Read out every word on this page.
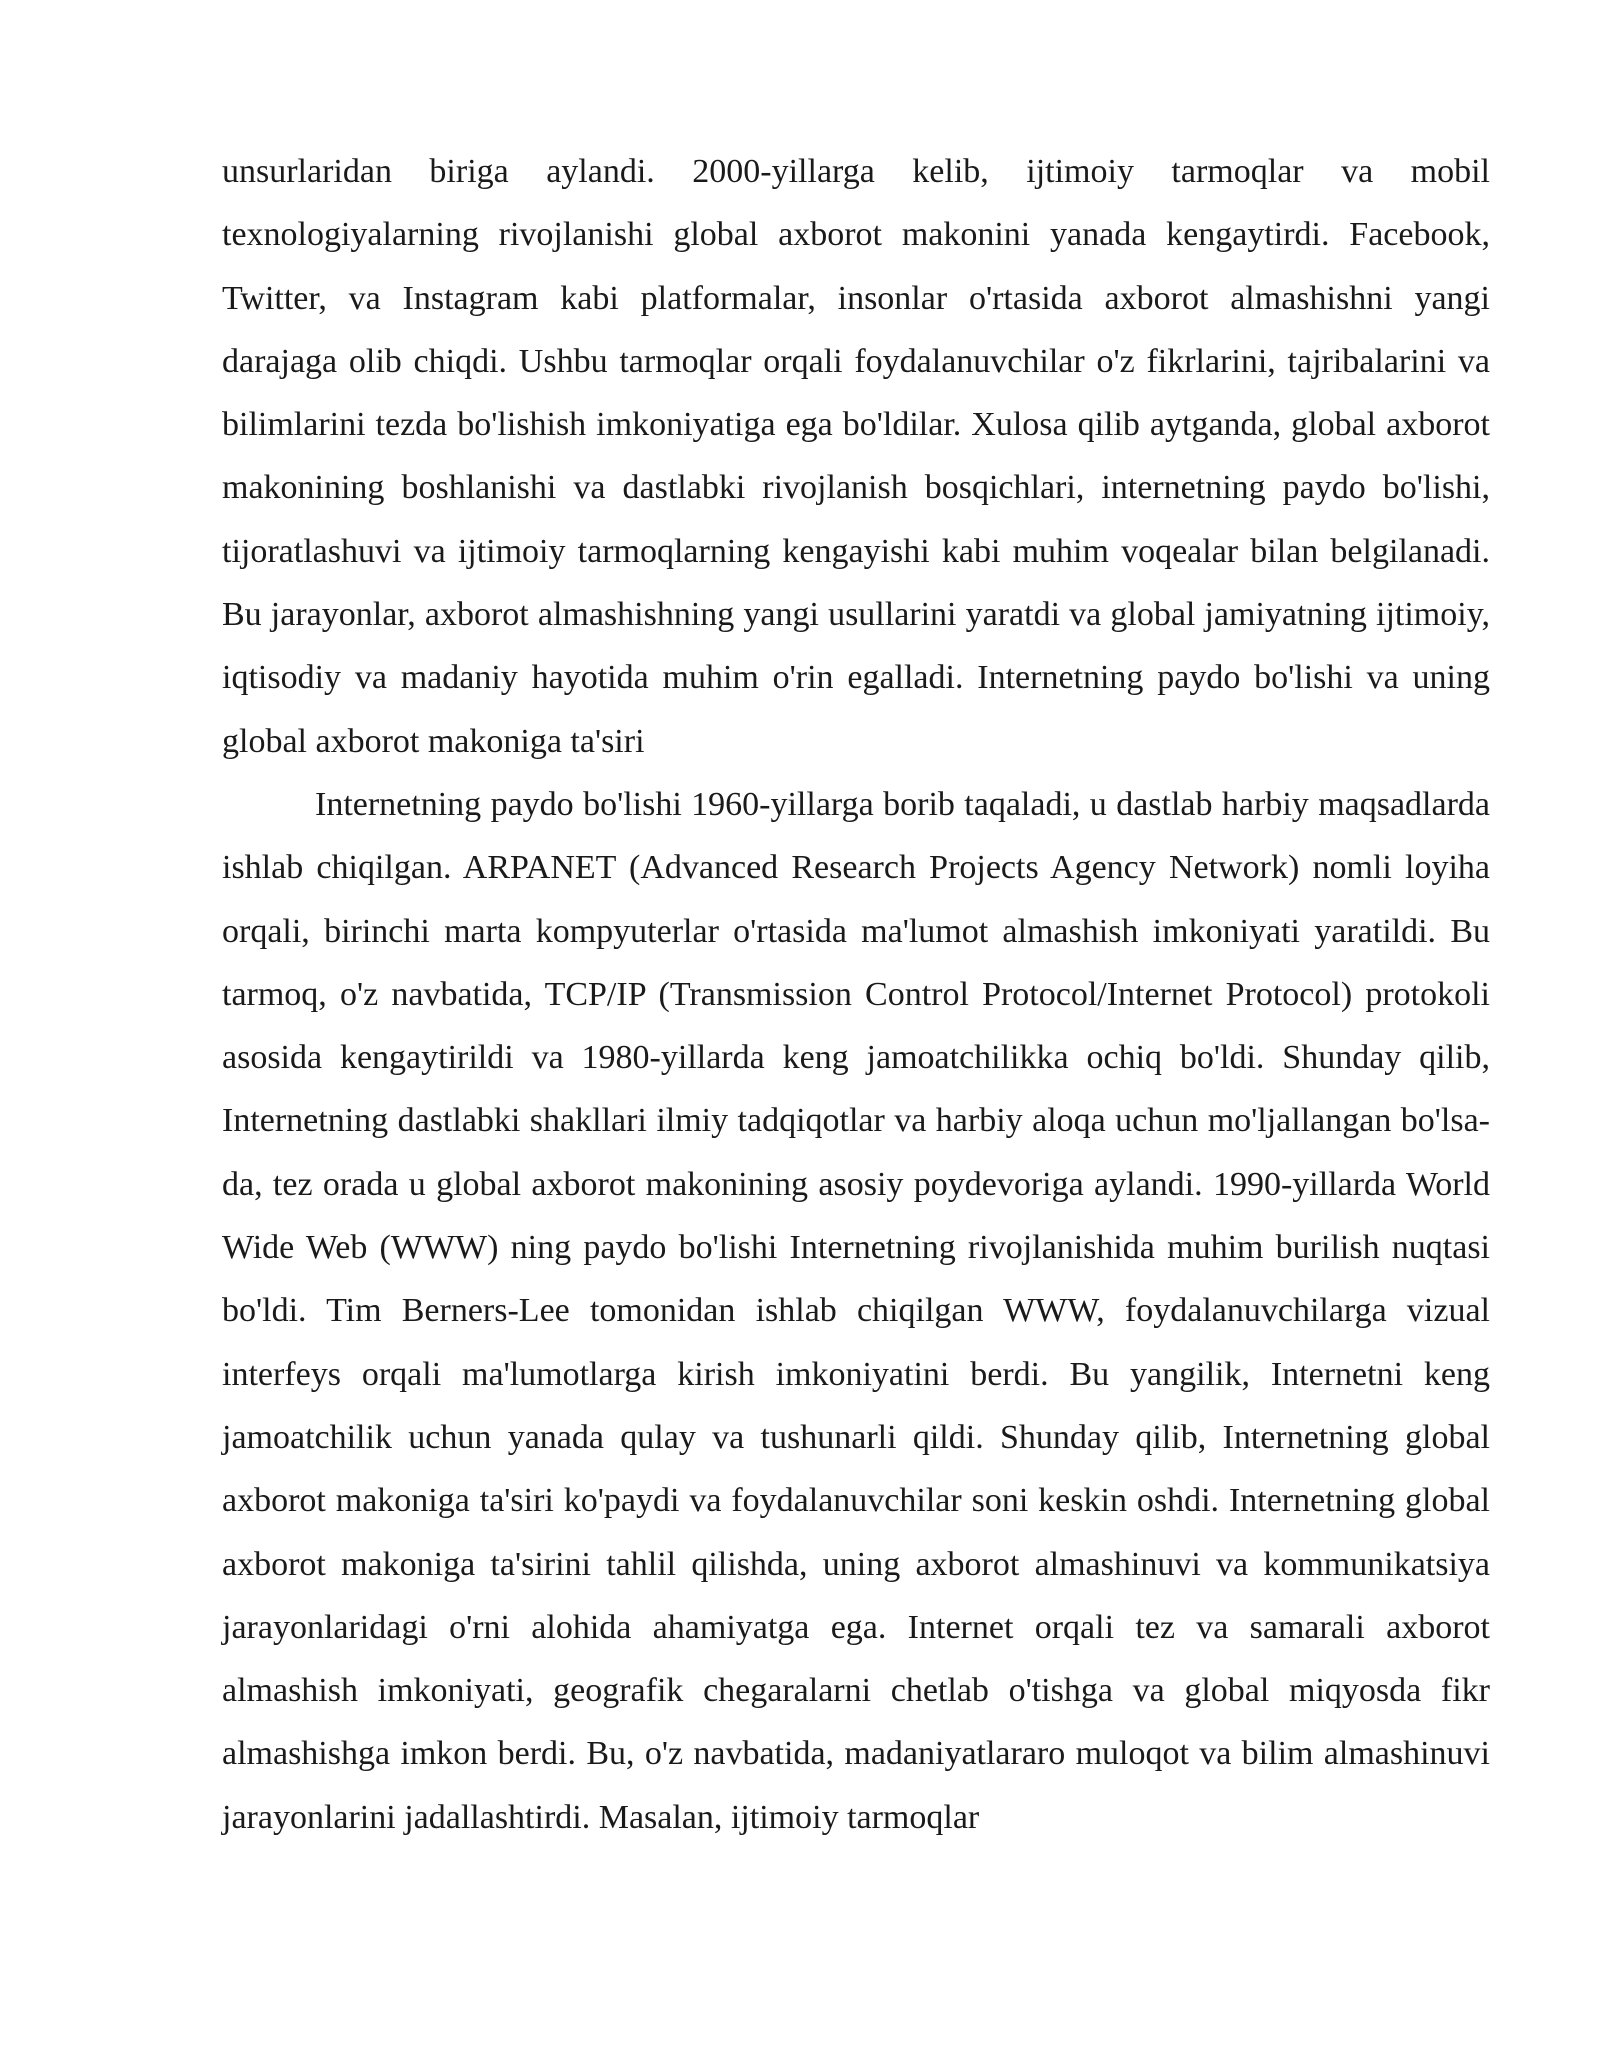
unsurlaridan biriga aylandi. 2000-yillarga kelib, ijtimoiy tarmoqlar va mobil texnologiyalarning rivojlanishi global axborot makonini yanada kengaytirdi. Facebook, Twitter, va Instagram kabi platformalar, insonlar o'rtasida axborot almashishni yangi darajaga olib chiqdi. Ushbu tarmoqlar orqali foydalanuvchilar o'z fikrlarini, tajribalarini va bilimlarini tezda bo'lishish imkoniyatiga ega bo'ldilar. Xulosa qilib aytganda, global axborot makonining boshlanishi va dastlabki rivojlanish bosqichlari, internetning paydo bo'lishi, tijoratlashuvi va ijtimoiy tarmoqlarning kengayishi kabi muhim voqealar bilan belgilanadi. Bu jarayonlar, axborot almashishning yangi usullarini yaratdi va global jamiyatning ijtimoiy, iqtisodiy va madaniy hayotida muhim o'rin egalladi. Internetning paydo bo'lishi va uning global axborot makoniga ta'siri

Internetning paydo bo'lishi 1960-yillarga borib taqaladi, u dastlab harbiy maqsadlarda ishlab chiqilgan. ARPANET (Advanced Research Projects Agency Network) nomli loyiha orqali, birinchi marta kompyuterlar o'rtasida ma'lumot almashish imkoniyati yaratildi. Bu tarmoq, o'z navbatida, TCP/IP (Transmission Control Protocol/Internet Protocol) protokoli asosida kengaytirildi va 1980-yillarda keng jamoatchilikka ochiq bo'ldi. Shunday qilib, Internetning dastlabki shakllari ilmiy tadqiqotlar va harbiy aloqa uchun mo'ljallangan bo'lsa-da, tez orada u global axborot makonining asosiy poydevoriga aylandi. 1990-yillarda World Wide Web (WWW) ning paydo bo'lishi Internetning rivojlanishida muhim burilish nuqtasi bo'ldi. Tim Berners-Lee tomonidan ishlab chiqilgan WWW, foydalanuvchilarga vizual interfeys orqali ma'lumotlarga kirish imkoniyatini berdi. Bu yangilik, Internetni keng jamoatchilik uchun yanada qulay va tushunarli qildi. Shunday qilib, Internetning global axborot makoniga ta'siri ko'paydi va foydalanuvchilar soni keskin oshdi. Internetning global axborot makoniga ta'sirini tahlil qilishda, uning axborot almashinuvi va kommunikatsiya jarayonlaridagi o'rni alohida ahamiyatga ega. Internet orqali tez va samarali axborot almashish imkoniyati, geografik chegaralarni chetlab o'tishga va global miqyosda fikr almashishga imkon berdi. Bu, o'z navbatida, madaniyatlararo muloqot va bilim almashinuvi jarayonlarini jadallashtirdi. Masalan, ijtimoiy tarmoqlar
